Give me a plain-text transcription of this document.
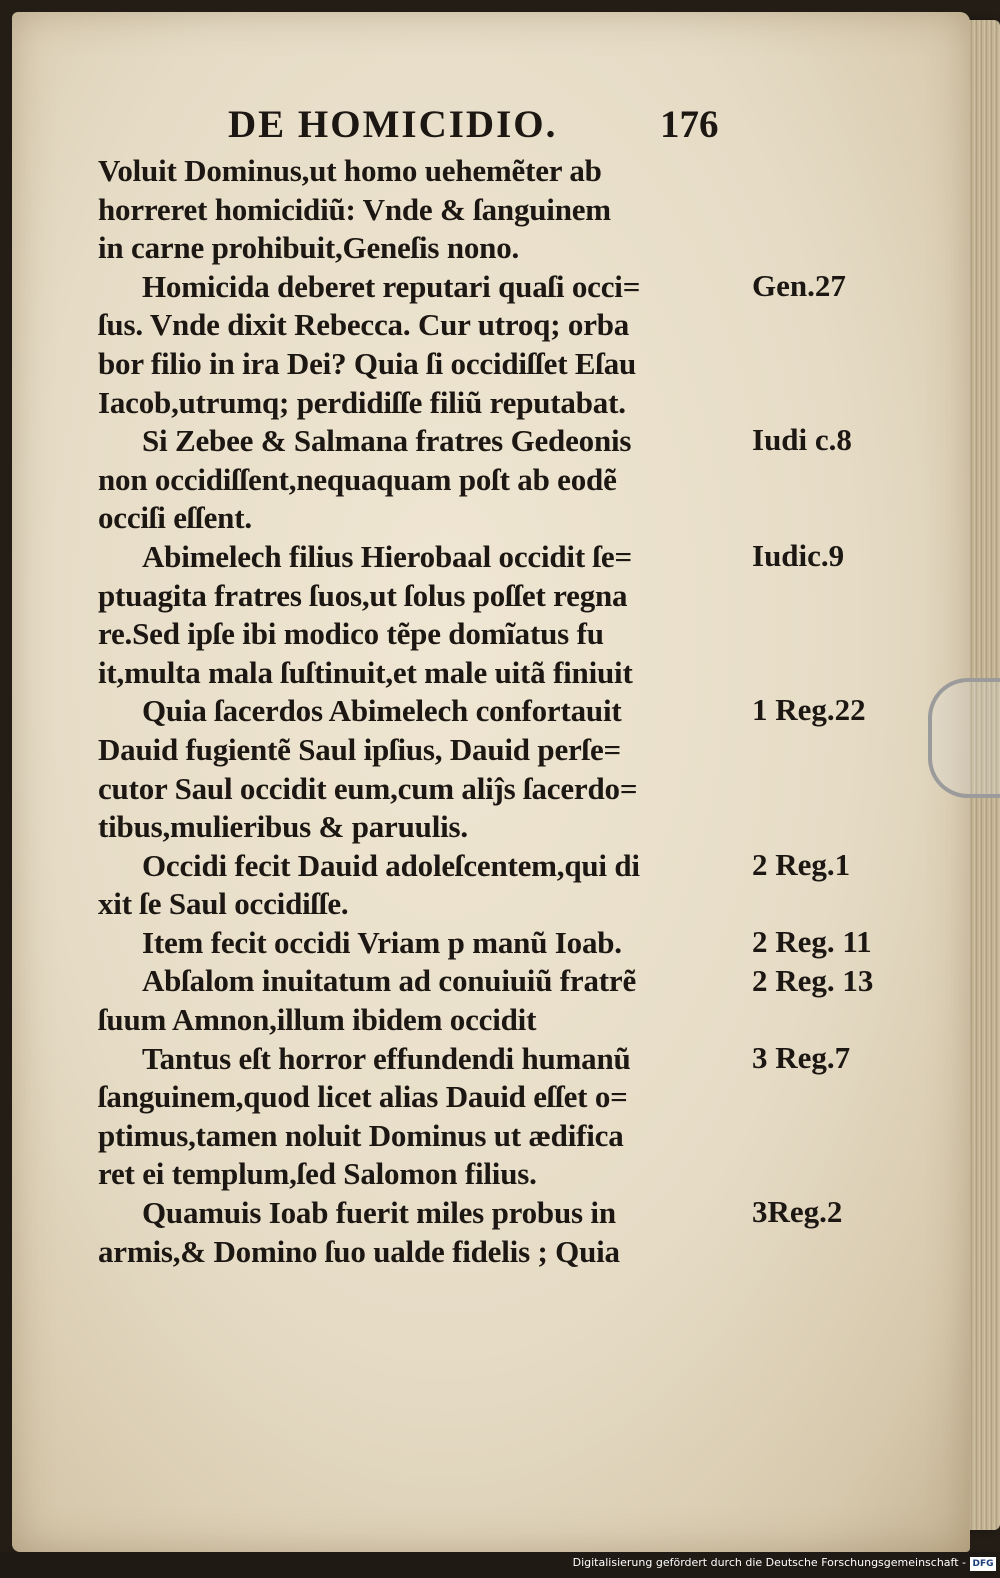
DE HOMICIDIO.	176
Voluit Dominus,ut homo uehemẽter ab
horreret homicidiũ: Vnde & ſanguinem
in carne prohibuit,Geneſis nono.
Homicida deberet reputari quaſi occi=
ſus. Vnde dixit Rebecca. Cur utroq; orba
bor filio in ira Dei? Quia ſi occidiſſet Eſau
Iacob,utrumq; perdidiſſe filiũ reputabat.
Si Zebee & Salmana fratres Gedeonis
non occidiſſent,nequaquam poſt ab eodẽ
occiſi eſſent.
Abimelech filius Hierobaal occidit ſe=
ptuagita fratres ſuos,ut ſolus poſſet regna
re.Sed ipſe ibi modico tẽpe domĩatus fu
it,multa mala ſuſtinuit,et male uitã finiuit
Quia ſacerdos Abimelech confortauit
Dauid fugientẽ Saul ipſius, Dauid perſe=
cutor Saul occidit eum,cum aliĵs ſacerdo=
tibus,mulieribus & paruulis.
Occidi fecit Dauid adoleſcentem,qui di
xit ſe Saul occidiſſe.
Item fecit occidi Vriam p manũ Ioab.
Abſalom inuitatum ad conuiuiũ fratrẽ
ſuum Amnon,illum ibidem occidit
Tantus eſt horror effundendi humanũ
ſanguinem,quod licet alias Dauid eſſet o=
ptimus,tamen noluit Dominus ut ædifica
ret ei templum,ſed Salomon filius.
Quamuis Ioab fuerit miles probus in
armis,& Domino ſuo ualde fidelis ; Quia
Gen.27
Iudi c.8
Iudic.9
1 Reg.22
2 Reg.1
2 Reg. 11
2 Reg. 13
3 Reg.7
3Reg.2
Digitalisierung gefördert durch die Deutsche Forschungsgemeinschaft - DFG
